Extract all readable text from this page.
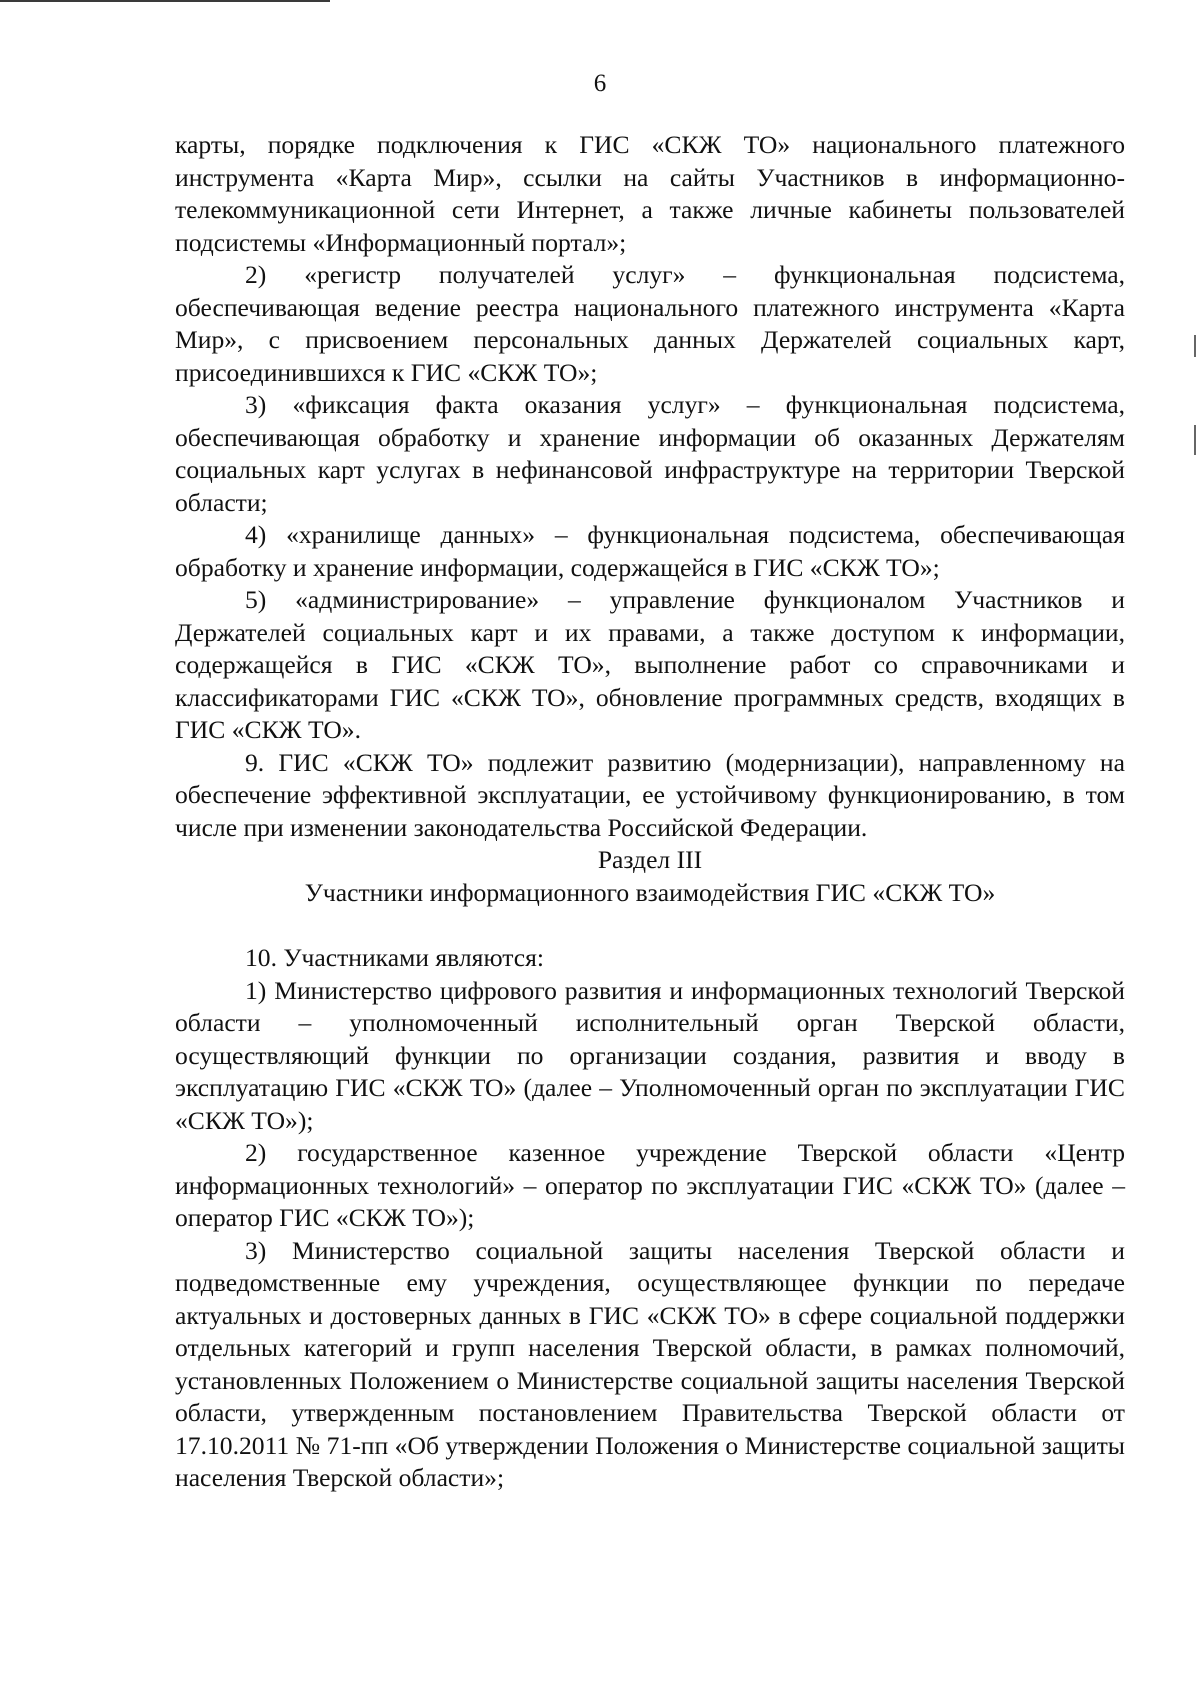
6

карты, порядке подключения к ГИС «СКЖ ТО» национального платежного инструмента «Карта Мир», ссылки на сайты Участников в информационно-телекоммуникационной сети Интернет, а также личные кабинеты пользователей подсистемы «Информационный портал»;

2) «регистр получателей услуг» – функциональная подсистема, обеспечивающая ведение реестра национального платежного инструмента «Карта Мир», с присвоением персональных данных Держателей социальных карт, присоединившихся к ГИС «СКЖ ТО»;

3) «фиксация факта оказания услуг» – функциональная подсистема, обеспечивающая обработку и хранение информации об оказанных Держателям социальных карт услугах в нефинансовой инфраструктуре на территории Тверской области;

4) «хранилище данных» – функциональная подсистема, обеспечивающая обработку и хранение информации, содержащейся в ГИС «СКЖ ТО»;

5) «администрирование» – управление функционалом Участников и Держателей социальных карт и их правами, а также доступом к информации, содержащейся в ГИС «СКЖ ТО», выполнение работ со справочниками и классификаторами ГИС «СКЖ ТО», обновление программных средств, входящих в ГИС «СКЖ ТО».

9. ГИС «СКЖ ТО» подлежит развитию (модернизации), направленному на обеспечение эффективной эксплуатации, ее устойчивому функционированию, в том числе при изменении законодательства Российской Федерации.

Раздел III

Участники информационного взаимодействия ГИС «СКЖ ТО»

10. Участниками являются:

1) Министерство цифрового развития и информационных технологий Тверской области – уполномоченный исполнительный орган Тверской области, осуществляющий функции по организации создания, развития и вводу в эксплуатацию ГИС «СКЖ ТО» (далее – Уполномоченный орган по эксплуатации ГИС «СКЖ ТО»);

2) государственное казенное учреждение Тверской области «Центр информационных технологий» – оператор по эксплуатации ГИС «СКЖ ТО» (далее – оператор ГИС «СКЖ ТО»);

3) Министерство социальной защиты населения Тверской области и подведомственные ему учреждения, осуществляющее функции по передаче актуальных и достоверных данных в ГИС «СКЖ ТО» в сфере социальной поддержки отдельных категорий и групп населения Тверской области, в рамках полномочий, установленных Положением о Министерстве социальной защиты населения Тверской области, утвержденным постановлением Правительства Тверской области от 17.10.2011 № 71-пп «Об утверждении Положения о Министерстве социальной защиты населения Тверской области»;
